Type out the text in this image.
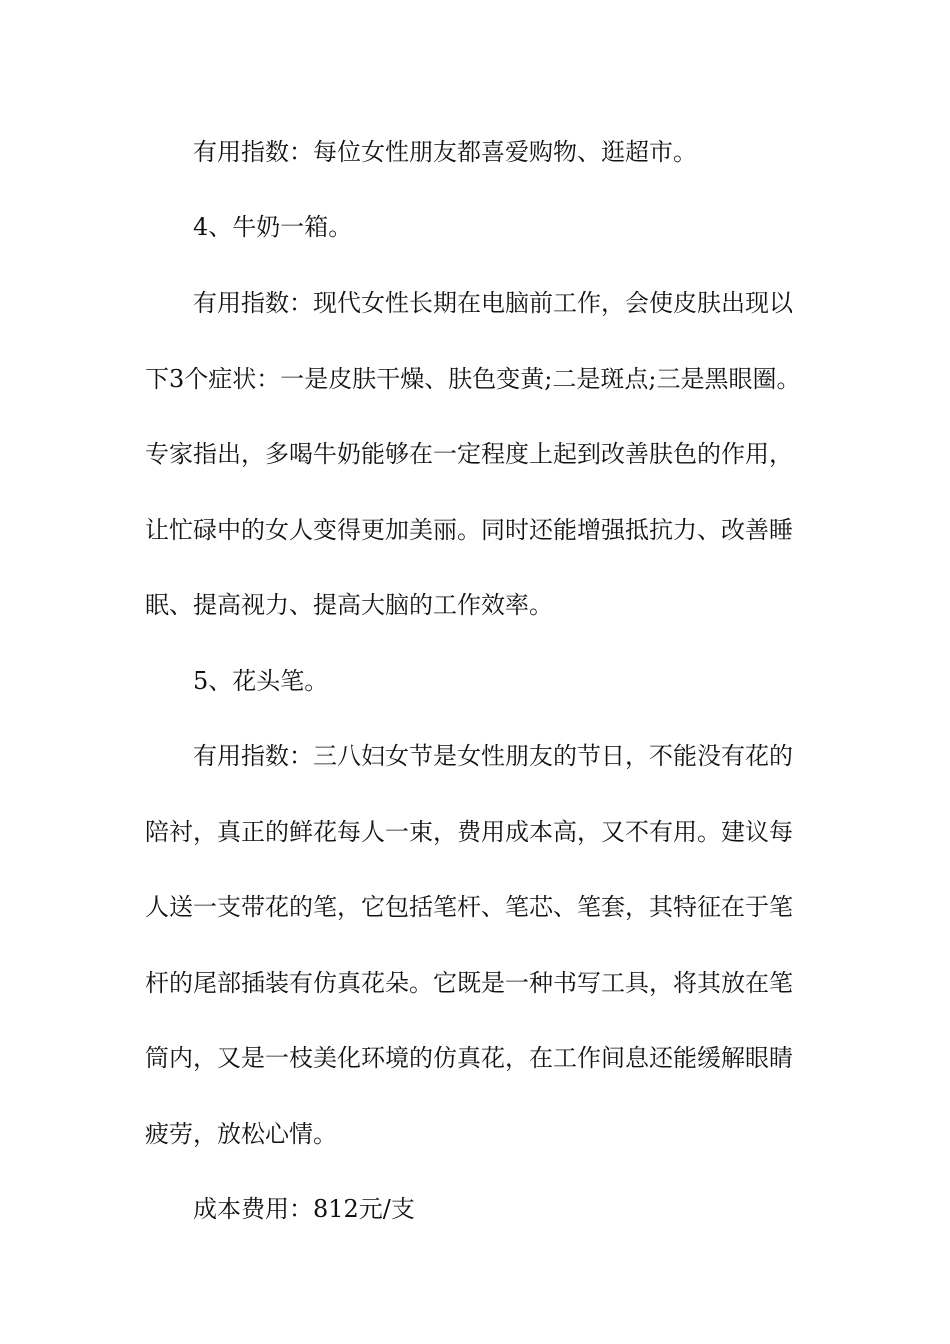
有用指数：每位女性朋友都喜爱购物、逛超市。

4、牛奶一箱。

有用指数：现代女性长期在电脑前工作，会使皮肤出现以

下3个症状：一是皮肤干燥、肤色变黄;二是斑点;三是黑眼圈。

专家指出，多喝牛奶能够在一定程度上起到改善肤色的作用，

让忙碌中的女人变得更加美丽。同时还能增强抵抗力、改善睡

眠、提高视力、提高大脑的工作效率。

5、花头笔。

有用指数：三八妇女节是女性朋友的节日，不能没有花的

陪衬，真正的鲜花每人一束，费用成本高，又不有用。建议每

人送一支带花的笔，它包括笔杆、笔芯、笔套，其特征在于笔

杆的尾部插装有仿真花朵。它既是一种书写工具，将其放在笔

筒内，又是一枝美化环境的仿真花，在工作间息还能缓解眼睛

疲劳，放松心情。

成本费用：812元/支
